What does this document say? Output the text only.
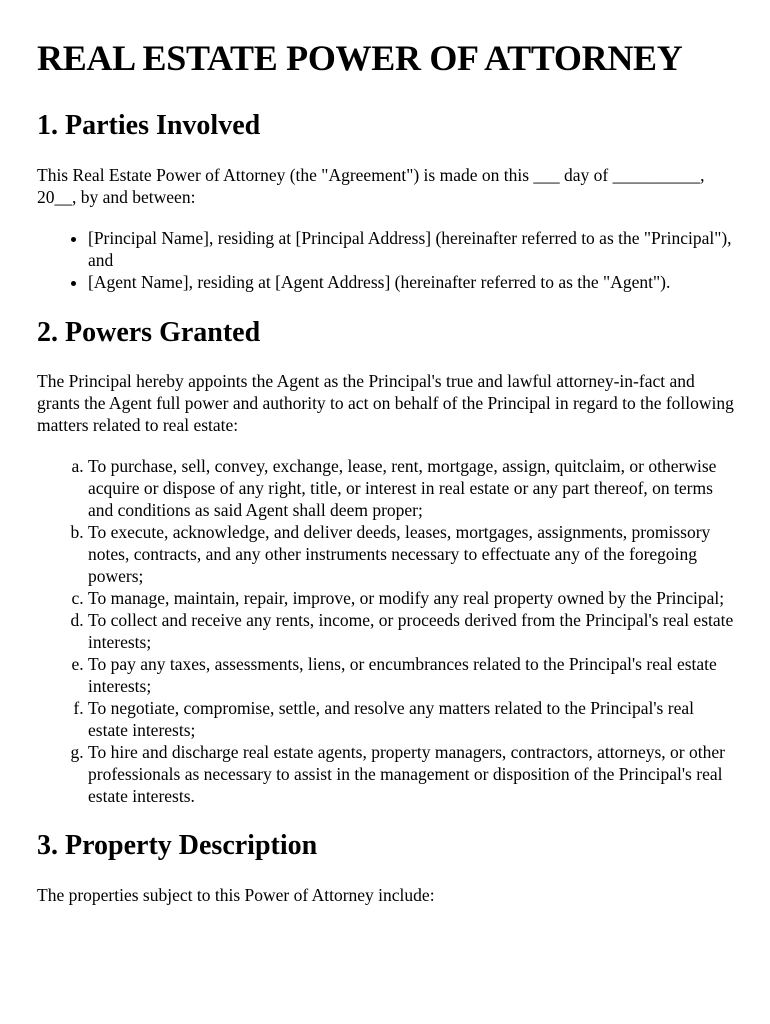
REAL ESTATE POWER OF ATTORNEY
1. Parties Involved

This Real Estate Power of Attorney (the "Agreement") is made on this ___ day of __________, 20__, by and between:

• [Principal Name], residing at [Principal Address] (hereinafter referred to as the "Principal"), and
• [Agent Name], residing at [Agent Address] (hereinafter referred to as the "Agent").
2. Powers Granted

The Principal hereby appoints the Agent as the Principal's true and lawful attorney-in-fact and grants the Agent full power and authority to act on behalf of the Principal in regard to the following matters related to real estate:

a. To purchase, sell, convey, exchange, lease, rent, mortgage, assign, quitclaim, or otherwise acquire or dispose of any right, title, or interest in real estate or any part thereof, on terms and conditions as said Agent shall deem proper;
b. To execute, acknowledge, and deliver deeds, leases, mortgages, assignments, promissory notes, contracts, and any other instruments necessary to effectuate any of the foregoing powers;
c. To manage, maintain, repair, improve, or modify any real property owned by the Principal;
d. To collect and receive any rents, income, or proceeds derived from the Principal's real estate interests;
e. To pay any taxes, assessments, liens, or encumbrances related to the Principal's real estate interests;
f. To negotiate, compromise, settle, and resolve any matters related to the Principal's real estate interests;
g. To hire and discharge real estate agents, property managers, contractors, attorneys, or other professionals as necessary to assist in the management or disposition of the Principal's real estate interests.
3. Property Description

The properties subject to this Power of Attorney include:
